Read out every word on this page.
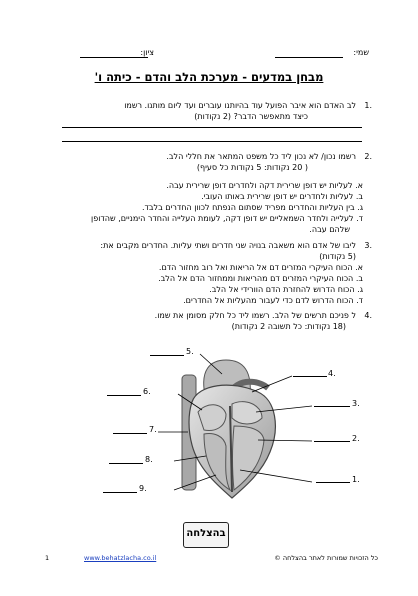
שמי:
ציון:
מבחן במדעים - מערכת הלב והדם - כיתה ו'
1.
לב האדם הוא איבר הפועל עוד בהיותנו עוברים ועד ליום מותנו. רשמו
כיצד מתאפשר הדבר? (2 נקודות)
2.
רשמו נכון/ לא נכון ליד כל משפט המתאר את חללי הלב.
( 20 נקודות: 5 נקודות כל סעיף)
א. לעליות יש דופן שרירית דקה ולחדרים דופן שרירית עבה.
ב. לעליות ולחדרים יש דופן שרירית באותו העובי.
ג. בין העליות והחדרים מפריד שסתום הנפתח לכוון החדרים בלבד.
ד. לעלייה ולחדר השמאליים יש דופן דקה, לעומת העלייה והחדר הימניים, שהדופן
שלהם עבה.
3.
ליבו של אדם הוא משאבה בנויה שני חדרים ושתי עליות. החדרים מקבים את:
(5 נקודות)
א. הכוח העיקרי המזרים דם אל הריאות ואל רוב מחזור הדם.
ב. הכוח העיקרי המזרים דם מהריאות וממחזור הדם אל הלב.
ג. הכוח הדרוש להחזרת הדם הוורידי אל הלב.
ד. הכוח הדרוש לדם כדי לעבור מהעליות אל החדרים.
4.
ל פניכם תרשים של הלב. רשמו ליד כל חלק מסומן את שמו.
(18 נקודות: כל תשובה 2 נקודות)
1.
2.
3.
4.
5.
6.
7.
8.
9.
בהצלחה
1	www.behatzlacha.co.il	כל הזכויות שמורות לאתר בהצלחה ©
